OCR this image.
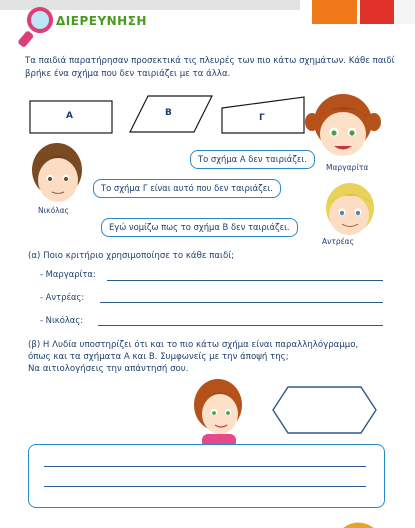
ΔΙΕΡΕΥΝΗΣΗ
Τα παιδιά παρατήρησαν προσεκτικά τις πλευρές των πιο κάτω σχημάτων. Κάθε παιδί βρήκε ένα σχήμα που δεν ταιριάζει με τα άλλα.
Α	Β	Γ
Το σχήμα Α δεν ταιριάζει.
Το σχήμα Γ είναι αυτό που δεν ταιριάζει.
Εγώ νομίζω πως το σχήμα Β δεν ταιριάζει.
Μαργαρίτα
Νικόλας
Αντρέας
(α) Ποιο κριτήριο χρησιμοποίησε το κάθε παιδί;
- Μαργαρίτα:
- Αντρέας:
- Νικόλας:
(β) Η Λυδία υποστηρίζει ότι και το πιο κάτω σχήμα είναι παραλληλόγραμμο,
όπως και τα σχήματα Α και Β. Συμφωνείς με την άποψή της;
Να αιτιολογήσεις την απάντησή σου.
